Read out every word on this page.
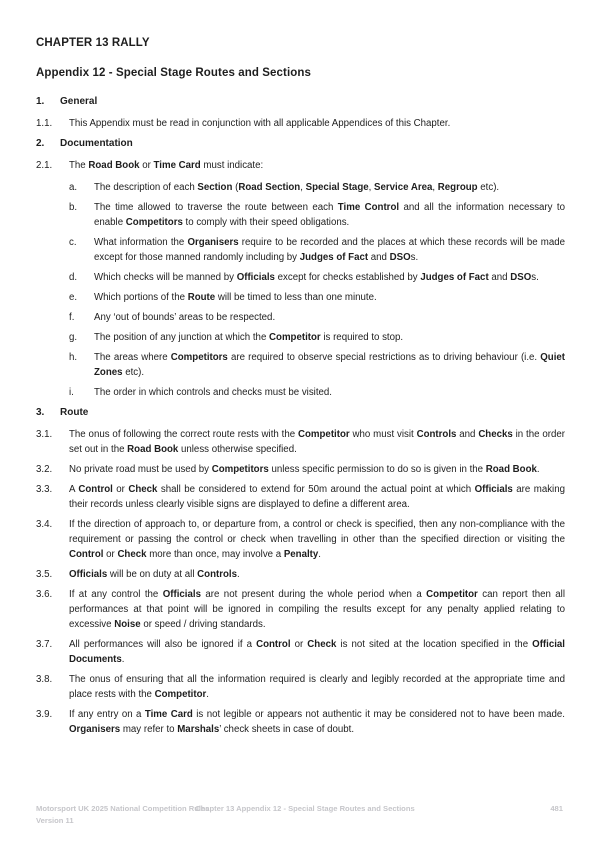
CHAPTER 13 RALLY
Appendix 12 - Special Stage Routes and Sections
1.	General
1.1.	This Appendix must be read in conjunction with all applicable Appendices of this Chapter.
2.	Documentation
2.1.	The Road Book or Time Card must indicate:
a.	The description of each Section (Road Section, Special Stage, Service Area, Regroup etc).
b.	The time allowed to traverse the route between each Time Control and all the information necessary to enable Competitors to comply with their speed obligations.
c.	What information the Organisers require to be recorded and the places at which these records will be made except for those manned randomly including by Judges of Fact and DSOs.
d.	Which checks will be manned by Officials except for checks established by Judges of Fact and DSOs.
e.	Which portions of the Route will be timed to less than one minute.
f.	Any ‘out of bounds’ areas to be respected.
g.	The position of any junction at which the Competitor is required to stop.
h.	The areas where Competitors are required to observe special restrictions as to driving behaviour (i.e. Quiet Zones etc).
i.	The order in which controls and checks must be visited.
3.	Route
3.1.	The onus of following the correct route rests with the Competitor who must visit Controls and Checks in the order set out in the Road Book unless otherwise specified.
3.2.	No private road must be used by Competitors unless specific permission to do so is given in the Road Book.
3.3.	A Control or Check shall be considered to extend for 50m around the actual point at which Officials are making their records unless clearly visible signs are displayed to define a different area.
3.4.	If the direction of approach to, or departure from, a control or check is specified, then any non-compliance with the requirement or passing the control or check when travelling in other than the specified direction or visiting the Control or Check more than once, may involve a Penalty.
3.5.	Officials will be on duty at all Controls.
3.6.	If at any control the Officials are not present during the whole period when a Competitor can report then all performances at that point will be ignored in compiling the results except for any penalty applied relating to excessive Noise or speed / driving standards.
3.7.	All performances will also be ignored if a Control or Check is not sited at the location specified in the Official Documents.
3.8.	The onus of ensuring that all the information required is clearly and legibly recorded at the appropriate time and place rests with the Competitor.
3.9.	If any entry on a Time Card is not legible or appears not authentic it may be considered not to have been made. Organisers may refer to Marshals’ check sheets in case of doubt.
Motorsport UK 2025 National Competition Rules
Version 11
Chapter 13 Appendix 12 - Special Stage Routes and Sections	481
